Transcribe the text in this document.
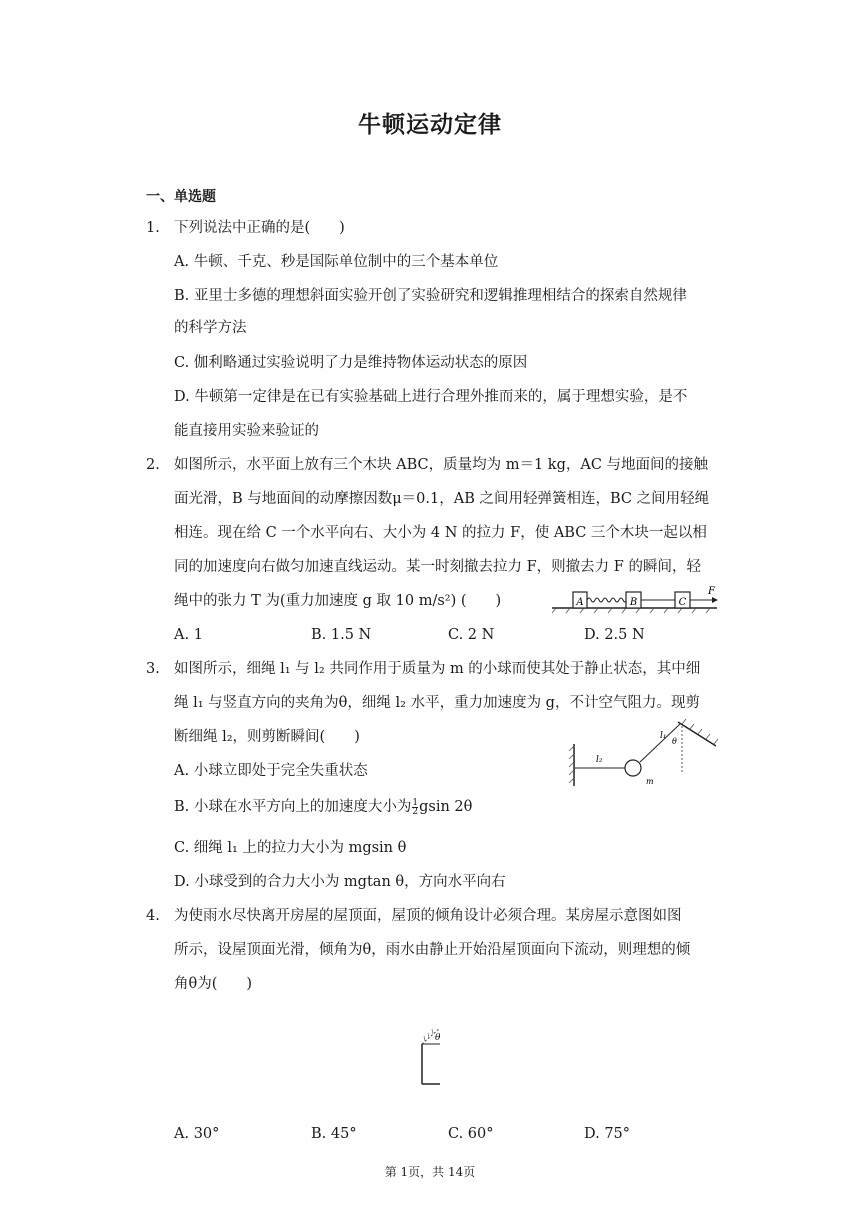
牛顿运动定律
一、单选题
1. 下列说法中正确的是(　　)
A. 牛顿、千克、秒是国际单位制中的三个基本单位
B. 亚里士多德的理想斜面实验开创了实验研究和逻辑推理相结合的探索自然规律
的科学方法
C. 伽利略通过实验说明了力是维持物体运动状态的原因
D. 牛顿第一定律是在已有实验基础上进行合理外推而来的，属于理想实验，是不
能直接用实验来验证的
2. 如图所示，水平面上放有三个木块 ABC，质量均为 m＝1 kg，AC 与地面间的接触
面光滑，B 与地面间的动摩擦因数μ＝0.1，AB 之间用轻弹簧相连，BC 之间用轻绳
相连。现在给 C 一个水平向右、大小为 4 N 的拉力 F，使 ABC 三个木块一起以相
同的加速度向右做匀加速直线运动。某一时刻撤去拉力 F，则撤去力 F 的瞬间，轻
绳中的张力 T 为(重力加速度 g 取 10 m/s²) (　　)	A	B	C
F
A. 1	B. 1.5 N	C. 2 N	D. 2.5 N
3. 如图所示，细绳 l₁ 与 l₂ 共同作用于质量为 m 的小球而使其处于静止状态，其中细
绳 l₁ 与竖直方向的夹角为θ，细绳 l₂ 水平，重力加速度为 g，不计空气阻力。现剪
断细绳 l₂，则剪断瞬间(　　)
l₂
l₁
θ
m
A. 小球立即处于完全失重状态
B. 小球在水平方向上的加速度大小为 $\frac{1}{2}$ gsin 2θ
C. 细绳 l₁ 上的拉力大小为 mgsin θ
D. 小球受到的合力大小为 mgtan θ，方向水平向右
4. 为使雨水尽快离开房屋的屋顶面，屋顶的倾角设计必须合理。某房屋示意图如图
所示，设屋顶面光滑，倾角为θ，雨水由静止开始沿屋顶面向下流动，则理想的倾
角θ为(　　)
θ
A. 30°	B. 45°	C. 60°	D. 75°
第 1页，共 14页
